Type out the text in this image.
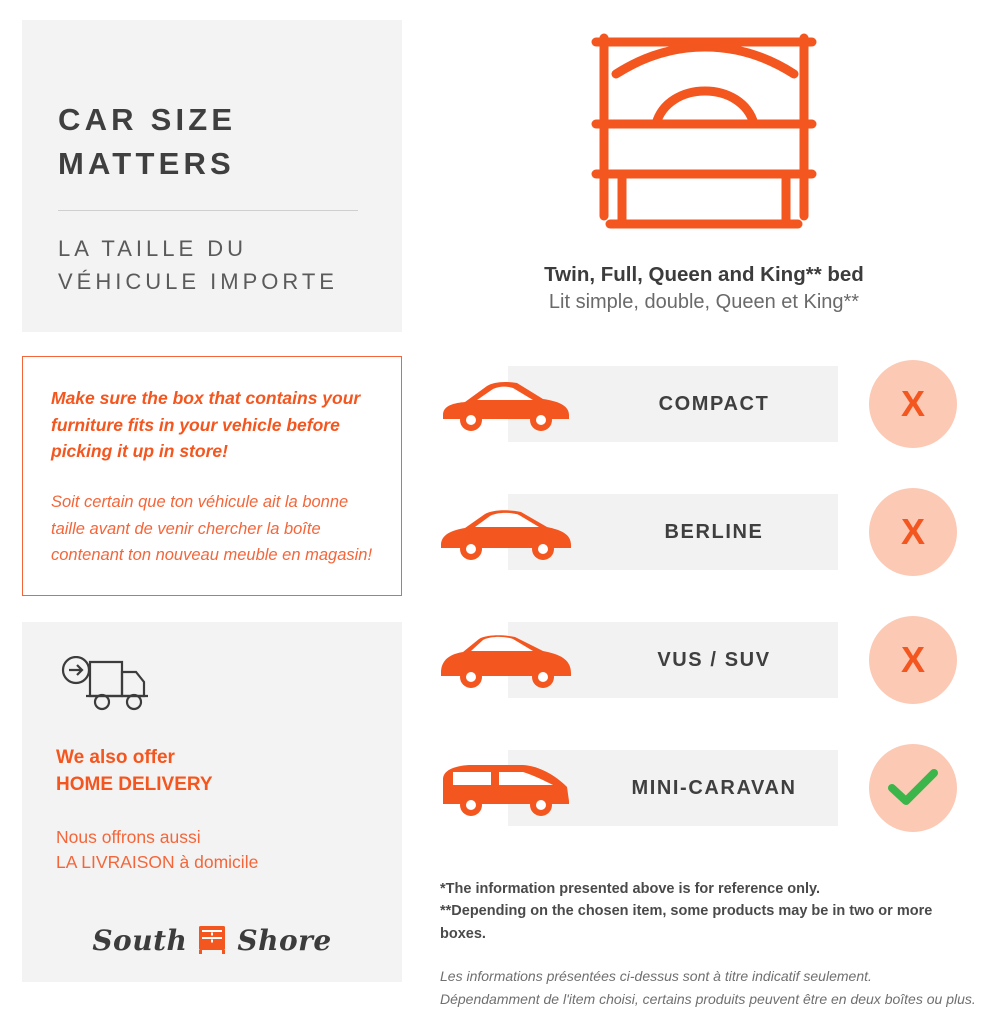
CAR SIZE
MATTERS
LA TAILLE DU
VÉHICULE IMPORTE

Make sure the box that contains your furniture fits in your vehicle before picking it up in store!

Soit certain que ton véhicule ait la bonne taille avant de venir chercher la boîte contenant ton nouveau meuble en magasin!

We also offer
HOME DELIVERY

Nous offrons aussi
LA LIVRAISON à domicile

South Shore

Twin, Full, Queen and King** bed

Lit simple, double, Queen et King**

COMPACT	X
BERLINE	X
VUS / SUV	X
MINI-CARAVAN

*The information presented above is for reference only.
**Depending on the chosen item, some products may be in two or more boxes.

Les informations présentées ci-dessus sont à titre indicatif seulement.
Dépendamment de l'item choisi, certains produits peuvent être en deux boîtes ou plus.
